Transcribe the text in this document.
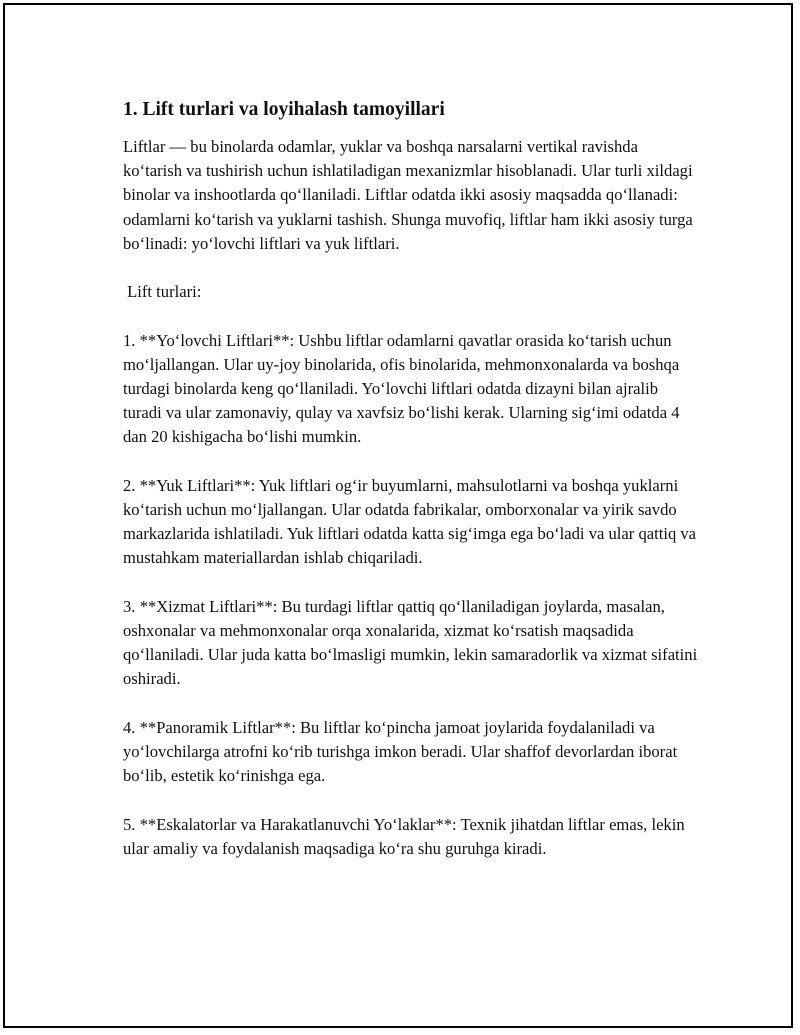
1. Lift turlari va loyihalash tamoyillari

Liftlar — bu binolarda odamlar, yuklar va boshqa narsalarni vertikal ravishda ko‘tarish va tushirish uchun ishlatiladigan mexanizmlar hisoblanadi. Ular turli xildagi binolar va inshootlarda qo‘llaniladi. Liftlar odatda ikki asosiy maqsadda qo‘llanadi: odamlarni ko‘tarish va yuklarni tashish. Shunga muvofiq, liftlar ham ikki asosiy turga bo‘linadi: yo‘lovchi liftlari va yuk liftlari.

Lift turlari:

1. **Yo‘lovchi Liftlari**: Ushbu liftlar odamlarni qavatlar orasida ko‘tarish uchun mo‘ljallangan. Ular uy-joy binolarida, ofis binolarida, mehmonxonalarda va boshqa turdagi binolarda keng qo‘llaniladi. Yo‘lovchi liftlari odatda dizayni bilan ajralib turadi va ular zamonaviy, qulay va xavfsiz bo‘lishi kerak. Ularning sig‘imi odatda 4 dan 20 kishigacha bo‘lishi mumkin.

2. **Yuk Liftlari**: Yuk liftlari og‘ir buyumlarni, mahsulotlarni va boshqa yuklarni ko‘tarish uchun mo‘ljallangan. Ular odatda fabrikalar, omborxonalar va yirik savdo markazlarida ishlatiladi. Yuk liftlari odatda katta sig‘imga ega bo‘ladi va ular qattiq va mustahkam materiallardan ishlab chiqariladi.

3. **Xizmat Liftlari**: Bu turdagi liftlar qattiq qo‘llaniladigan joylarda, masalan, oshxonalar va mehmonxonalar orqa xonalarida, xizmat ko‘rsatish maqsadida qo‘llaniladi. Ular juda katta bo‘lmasligi mumkin, lekin samaradorlik va xizmat sifatini oshiradi.

4. **Panoramik Liftlar**: Bu liftlar ko‘pincha jamoat joylarida foydalaniladi va yo‘lovchilarga atrofni ko‘rib turishga imkon beradi. Ular shaffof devorlardan iborat bo‘lib, estetik ko‘rinishga ega.

5. **Eskalatorlar va Harakatlanuvchi Yo‘laklar**: Texnik jihatdan liftlar emas, lekin ular amaliy va foydalanish maqsadiga ko‘ra shu guruhga kiradi.
